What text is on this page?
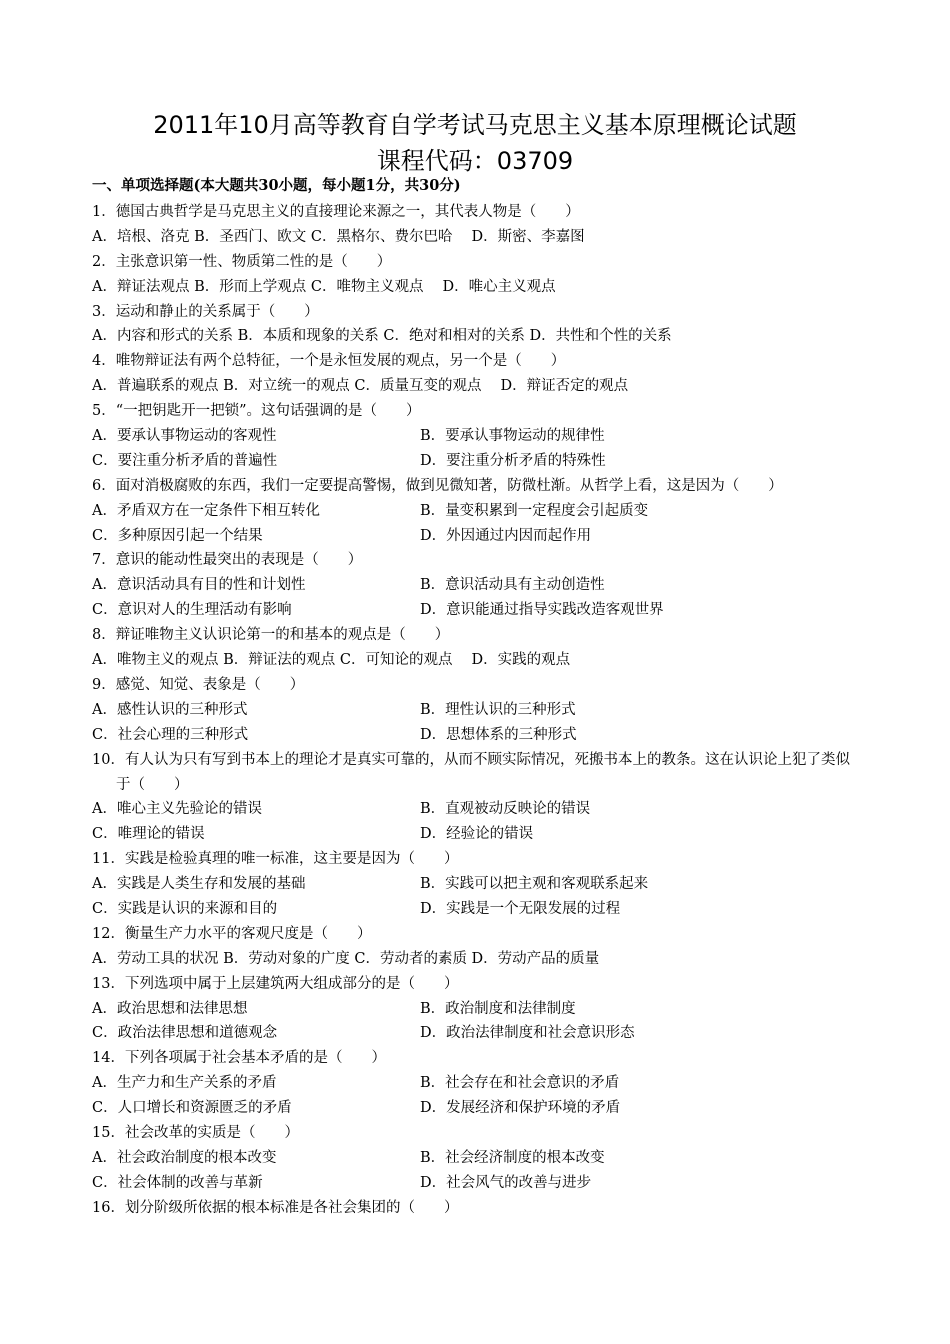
2011年10月高等教育自学考试马克思主义基本原理概论试题
课程代码：03709
一、单项选择题(本大题共30小题，每小题1分，共30分)
1．德国古典哲学是马克思主义的直接理论来源之一，其代表人物是（　　）
A．培根、洛克 B．圣西门、欧文 C．黑格尔、费尔巴哈　 D．斯密、李嘉图
2．主张意识第一性、物质第二性的是（　　）
A．辩证法观点 B．形而上学观点 C．唯物主义观点　 D．唯心主义观点
3．运动和静止的关系属于（　　）
A．内容和形式的关系 B．本质和现象的关系 C．绝对和相对的关系 D．共性和个性的关系
4．唯物辩证法有两个总特征，一个是永恒发展的观点，另一个是（　　）
A．普遍联系的观点 B．对立统一的观点 C．质量互变的观点　 D．辩证否定的观点
5．“一把钥匙开一把锁”。这句话强调的是（　　）
A．要承认事物运动的客观性	B．要承认事物运动的规律性
C．要注重分析矛盾的普遍性	D．要注重分析矛盾的特殊性
6．面对消极腐败的东西，我们一定要提高警惕，做到见微知著，防微杜渐。从哲学上看，这是因为（　　）
A．矛盾双方在一定条件下相互转化	B．量变积累到一定程度会引起质变
C．多种原因引起一个结果	D．外因通过内因而起作用
7．意识的能动性最突出的表现是（　　）
A．意识活动具有目的性和计划性	B．意识活动具有主动创造性
C．意识对人的生理活动有影响	D．意识能通过指导实践改造客观世界
8．辩证唯物主义认识论第一的和基本的观点是（　　）
A．唯物主义的观点 B．辩证法的观点 C．可知论的观点　 D．实践的观点
9．感觉、知觉、表象是（　　）
A．感性认识的三种形式	B．理性认识的三种形式
C．社会心理的三种形式	D．思想体系的三种形式
10．有人认为只有写到书本上的理论才是真实可靠的，从而不顾实际情况，死搬书本上的教条。这在认识论上犯了类似于（　　）
A．唯心主义先验论的错误	B．直观被动反映论的错误
C．唯理论的错误	D．经验论的错误
11．实践是检验真理的唯一标准，这主要是因为（　　）
A．实践是人类生存和发展的基础	B．实践可以把主观和客观联系起来
C．实践是认识的来源和目的	D．实践是一个无限发展的过程
12．衡量生产力水平的客观尺度是（　　）
A．劳动工具的状况 B．劳动对象的广度 C．劳动者的素质 D．劳动产品的质量
13．下列选项中属于上层建筑两大组成部分的是（　　）
A．政治思想和法律思想	B．政治制度和法律制度
C．政治法律思想和道德观念	D．政治法律制度和社会意识形态
14．下列各项属于社会基本矛盾的是（　　）
A．生产力和生产关系的矛盾	B．社会存在和社会意识的矛盾
C．人口增长和资源匮乏的矛盾	D．发展经济和保护环境的矛盾
15．社会改革的实质是（　　）
A．社会政治制度的根本改变	B．社会经济制度的根本改变
C．社会体制的改善与革新	D．社会风气的改善与进步
16．划分阶级所依据的根本标准是各社会集团的（　　）
